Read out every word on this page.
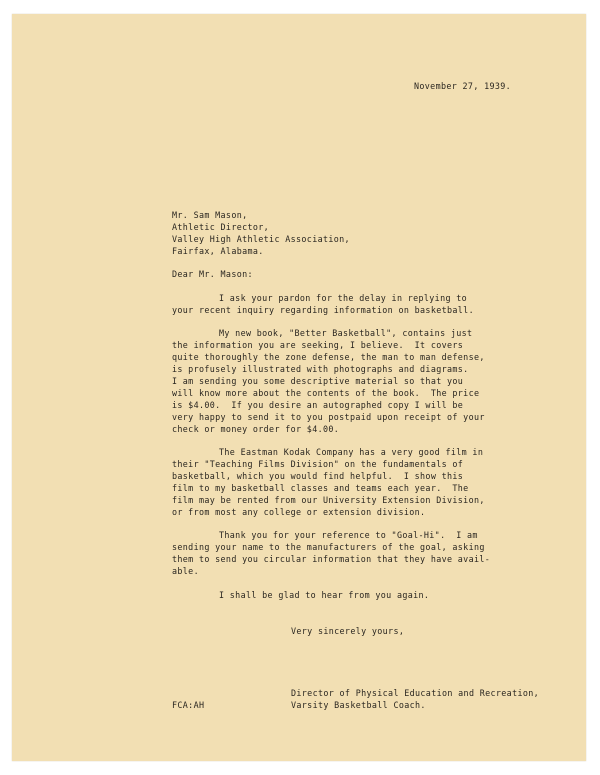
November 27, 1939.
Mr. Sam Mason,
Athletic Director,
Valley High Athletic Association,
Fairfax, Alabama.
Dear Mr. Mason:
I ask your pardon for the delay in replying to
your recent inquiry regarding information on basketball.
My new book, "Better Basketball", contains just
the information you are seeking, I believe.  It covers
quite thoroughly the zone defense, the man to man defense,
is profusely illustrated with photographs and diagrams.
I am sending you some descriptive material so that you
will know more about the contents of the book.  The price
is $4.00.  If you desire an autographed copy I will be
very happy to send it to you postpaid upon receipt of your
check or money order for $4.00.
The Eastman Kodak Company has a very good film in
their "Teaching Films Division" on the fundamentals of
basketball, which you would find helpful.  I show this
film to my basketball classes and teams each year.  The
film may be rented from our University Extension Division,
or from most any college or extension division.
Thank you for your reference to "Goal-Hi".  I am
sending your name to the manufacturers of the goal, asking
them to send you circular information that they have avail-
able.
I shall be glad to hear from you again.
Very sincerely yours,
FCA:AH
Director of Physical Education and Recreation,
Varsity Basketball Coach.
